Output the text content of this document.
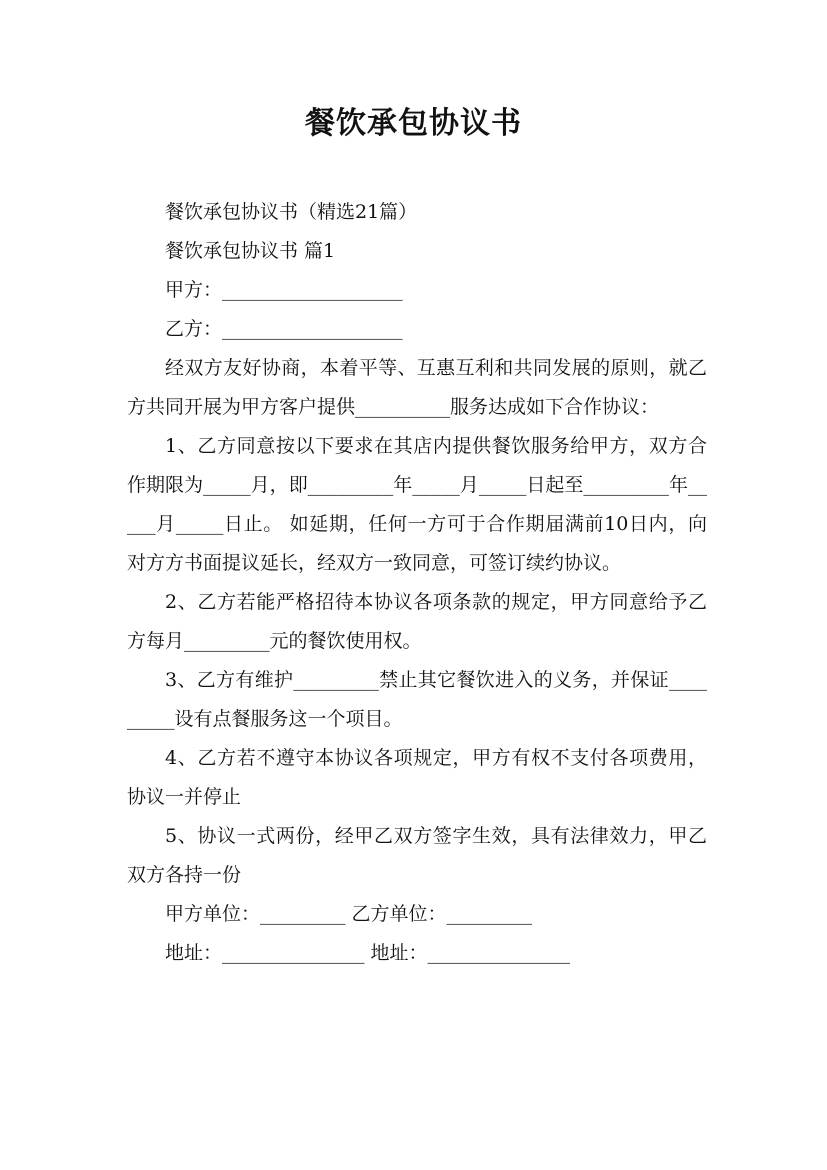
餐饮承包协议书

餐饮承包协议书（精选21篇）

餐饮承包协议书 篇1

甲方：___________________

乙方：___________________

经双方友好协商，本着平等、互惠互利和共同发展的原则，就乙方共同开展为甲方客户提供__________服务达成如下合作协议：

1、乙方同意按以下要求在其店内提供餐饮服务给甲方，双方合作期限为_____月，即_________年_____月_____日起至_________年_____月_____日止。 如延期，任何一方可于合作期届满前10日内，向对方方书面提议延长，经双方一致同意，可签订续约协议。

2、乙方若能严格招待本协议各项条款的规定，甲方同意给予乙方每月_________元的餐饮使用权。

3、乙方有维护_________禁止其它餐饮进入的义务，并保证_________设有点餐服务这一个项目。

4、乙方若不遵守本协议各项规定，甲方有权不支付各项费用，协议一并停止

5、协议一式两份，经甲乙双方签字生效，具有法律效力，甲乙双方各持一份

甲方单位：_________ 乙方单位：_________

地址：_______________ 地址：_______________
